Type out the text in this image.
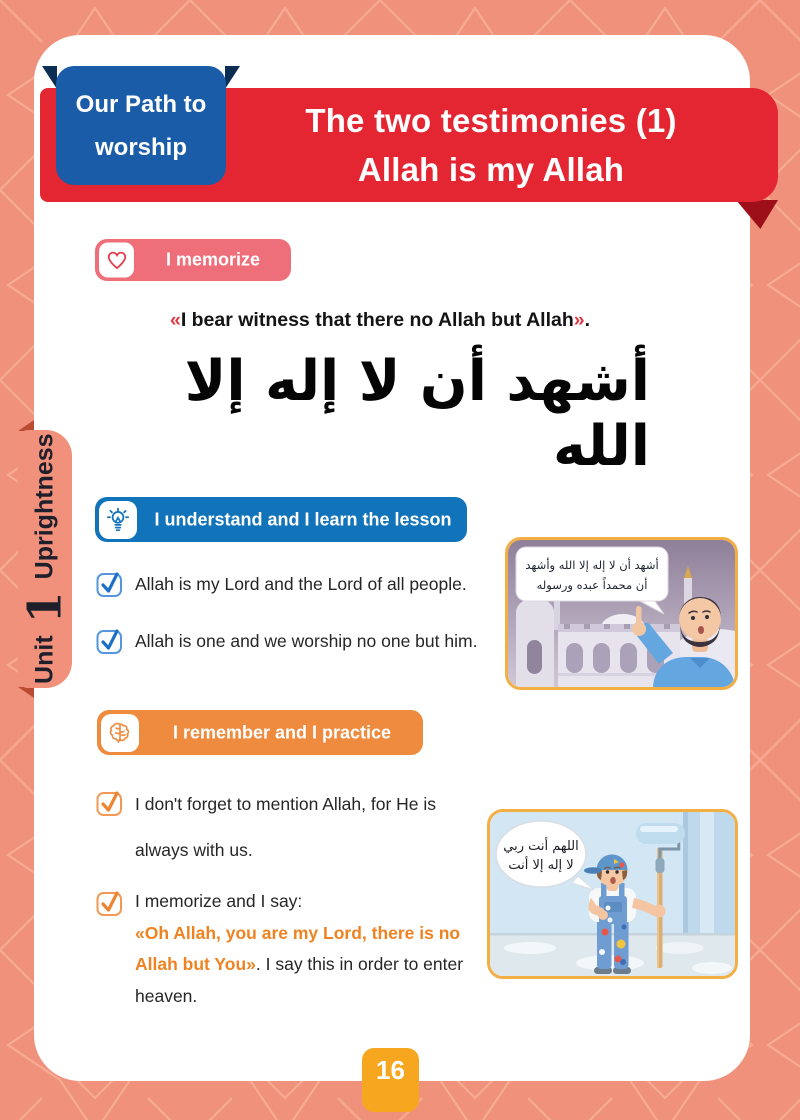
The two testimonies (1)
Allah is my Allah
Our Path to
worship
Unit
1
Uprightness
I memorize
«I bear witness that there no Allah but Allah».
أشهد أن لا إله إلا الله
I understand and I learn the lesson
Allah is my Lord and the Lord of all people.
Allah is one and we worship no one but him.
أشهد أن لا إله إلا الله وأشهد
أن محمداً عبده ورسوله
I remember and I practice
I don't forget to mention Allah, for He is always with us.
I memorize and I say:
«Oh Allah, you are my Lord, there is no Allah but You». I say this in order to enter heaven.
اللهم أنت ربي
لا إله إلا أنت
16
